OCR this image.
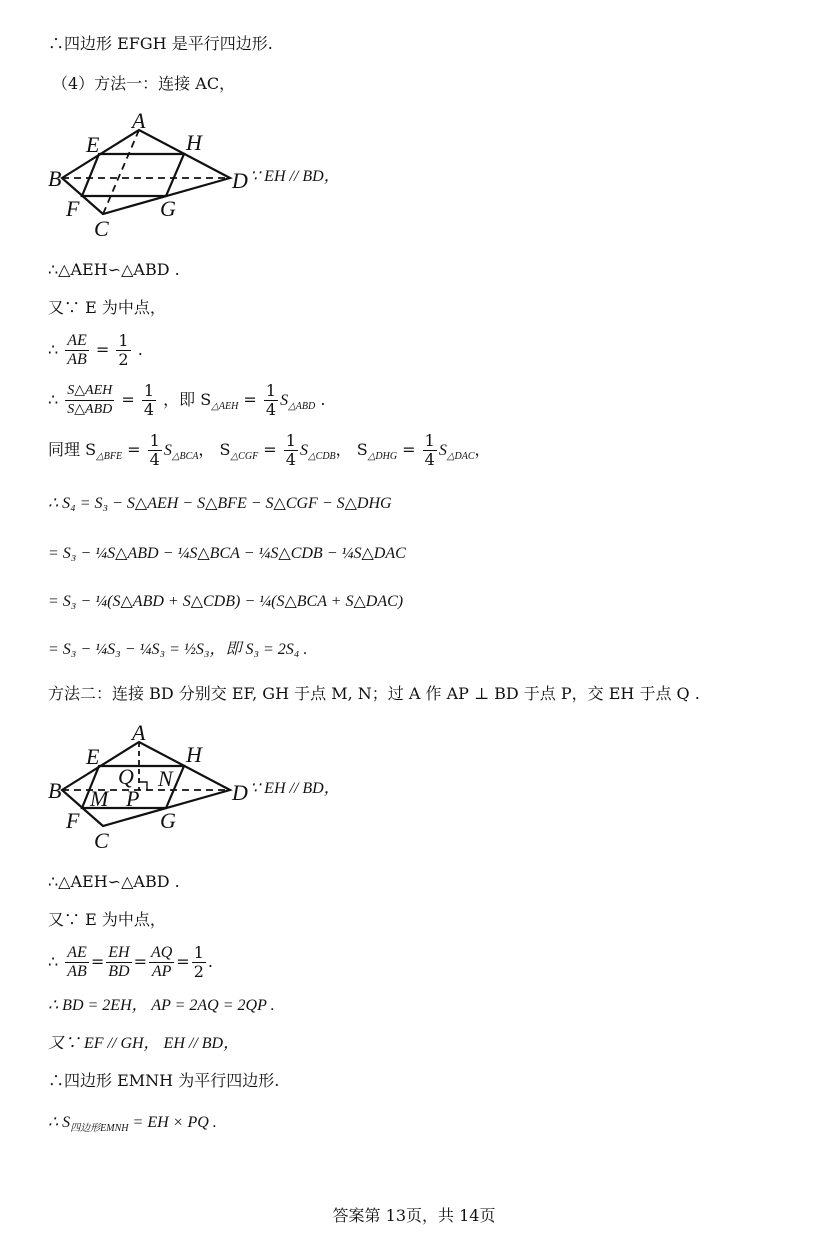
∴四边形 EFGH 是平行四边形.
（4）方法一：连接 AC，
A
E	H
B	D
F	G
C
∵ EH // BD，
∴△AEH∽△ABD .
又∵ E 为中点，
∴ $\frac{AE}{AB} = \frac{1}{2}$ .
∴ $\frac{\text{S△AEH}}{\text{S△ABD}} = \frac{1}{4}$ ，即 $S_{\triangle AEH} = \frac{1}{4} S_{\triangle ABD}$ .
同理 $S_{\triangle BFE} = \frac{1}{4} S_{\triangle BCA}$， $S_{\triangle CGF} = \frac{1}{4} S_{\triangle CDB}$， $S_{\triangle DHG} = \frac{1}{4} S_{\triangle DAC}$，
∴ S₄ = S₃ − S△AEH − S△BFE − S△CGF − S△DHG
= S₃ − ¼S△ABD − ¼S△BCA − ¼S△CDB − ¼S△DAC
= S₃ − ¼(S△ABD + S△CDB) − ¼(S△BCA + S△DAC)
= S₃ − ¼S₃ − ¼S₃ = ½S₃，即 S₃ = 2S₄ .
方法二：连接 BD 分别交 EF, GH 于点 M, N；过 A 作 AP ⊥ BD 于点 P，交 EH 于点 Q .
A
E	H
Q N
B M P	D
F	G
C
∵ EH // BD，
∴△AEH∽△ABD .
又∵ E 为中点，
∴ $\frac{AE}{AB} = \frac{EH}{BD} = \frac{AQ}{AP} = \frac{1}{2}$ .
∴ BD = 2EH， AP = 2AQ = 2QP .
又∵ EF // GH， EH // BD，
∴四边形 EMNH 为平行四边形.
∴ $S_{四边形EMNH}$ = EH × PQ .
答案第 13页，共 14页
